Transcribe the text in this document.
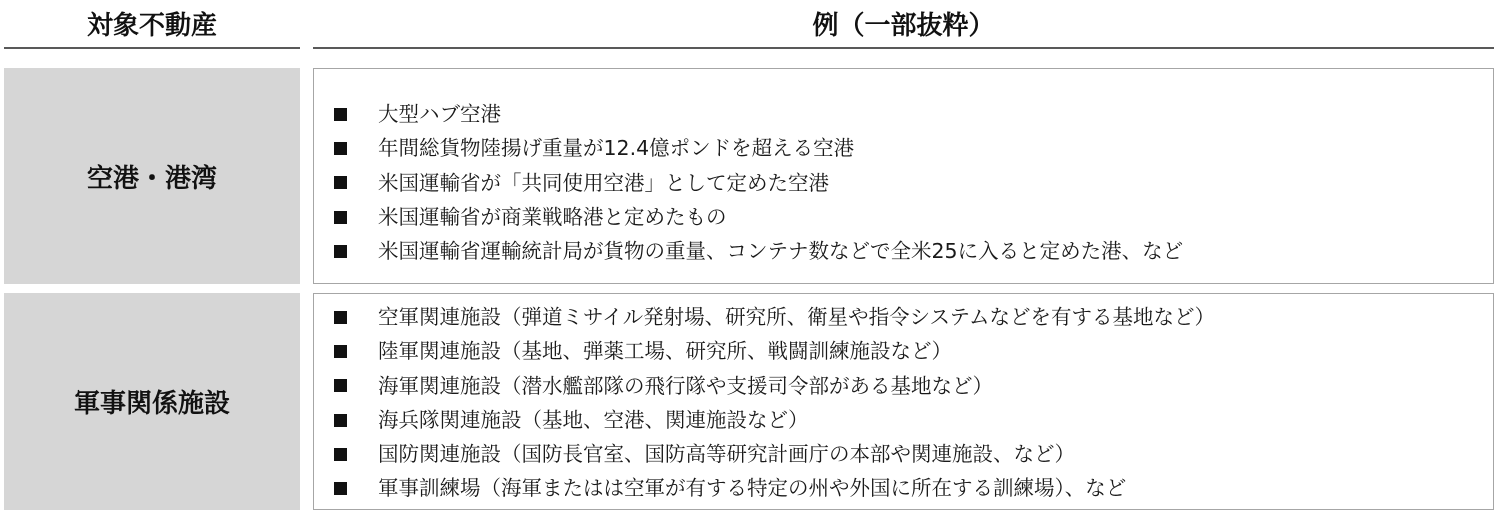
対象不動産	例（一部抜粋）
空港・港湾
大型ハブ空港
年間総貨物陸揚げ重量が12.4億ポンドを超える空港
米国運輸省が「共同使用空港」として定めた空港
米国運輸省が商業戦略港と定めたもの
米国運輸省運輸統計局が貨物の重量、コンテナ数などで全米25に入ると定めた港、など
軍事関係施設
空軍関連施設（弾道ミサイル発射場、研究所、衛星や指令システムなどを有する基地など）
陸軍関連施設（基地、弾薬工場、研究所、戦闘訓練施設など）
海軍関連施設（潜水艦部隊の飛行隊や支援司令部がある基地など）
海兵隊関連施設（基地、空港、関連施設など）
国防関連施設（国防長官室、国防高等研究計画庁の本部や関連施設、など）
軍事訓練場（海軍またはは空軍が有する特定の州や外国に所在する訓練場）、など
